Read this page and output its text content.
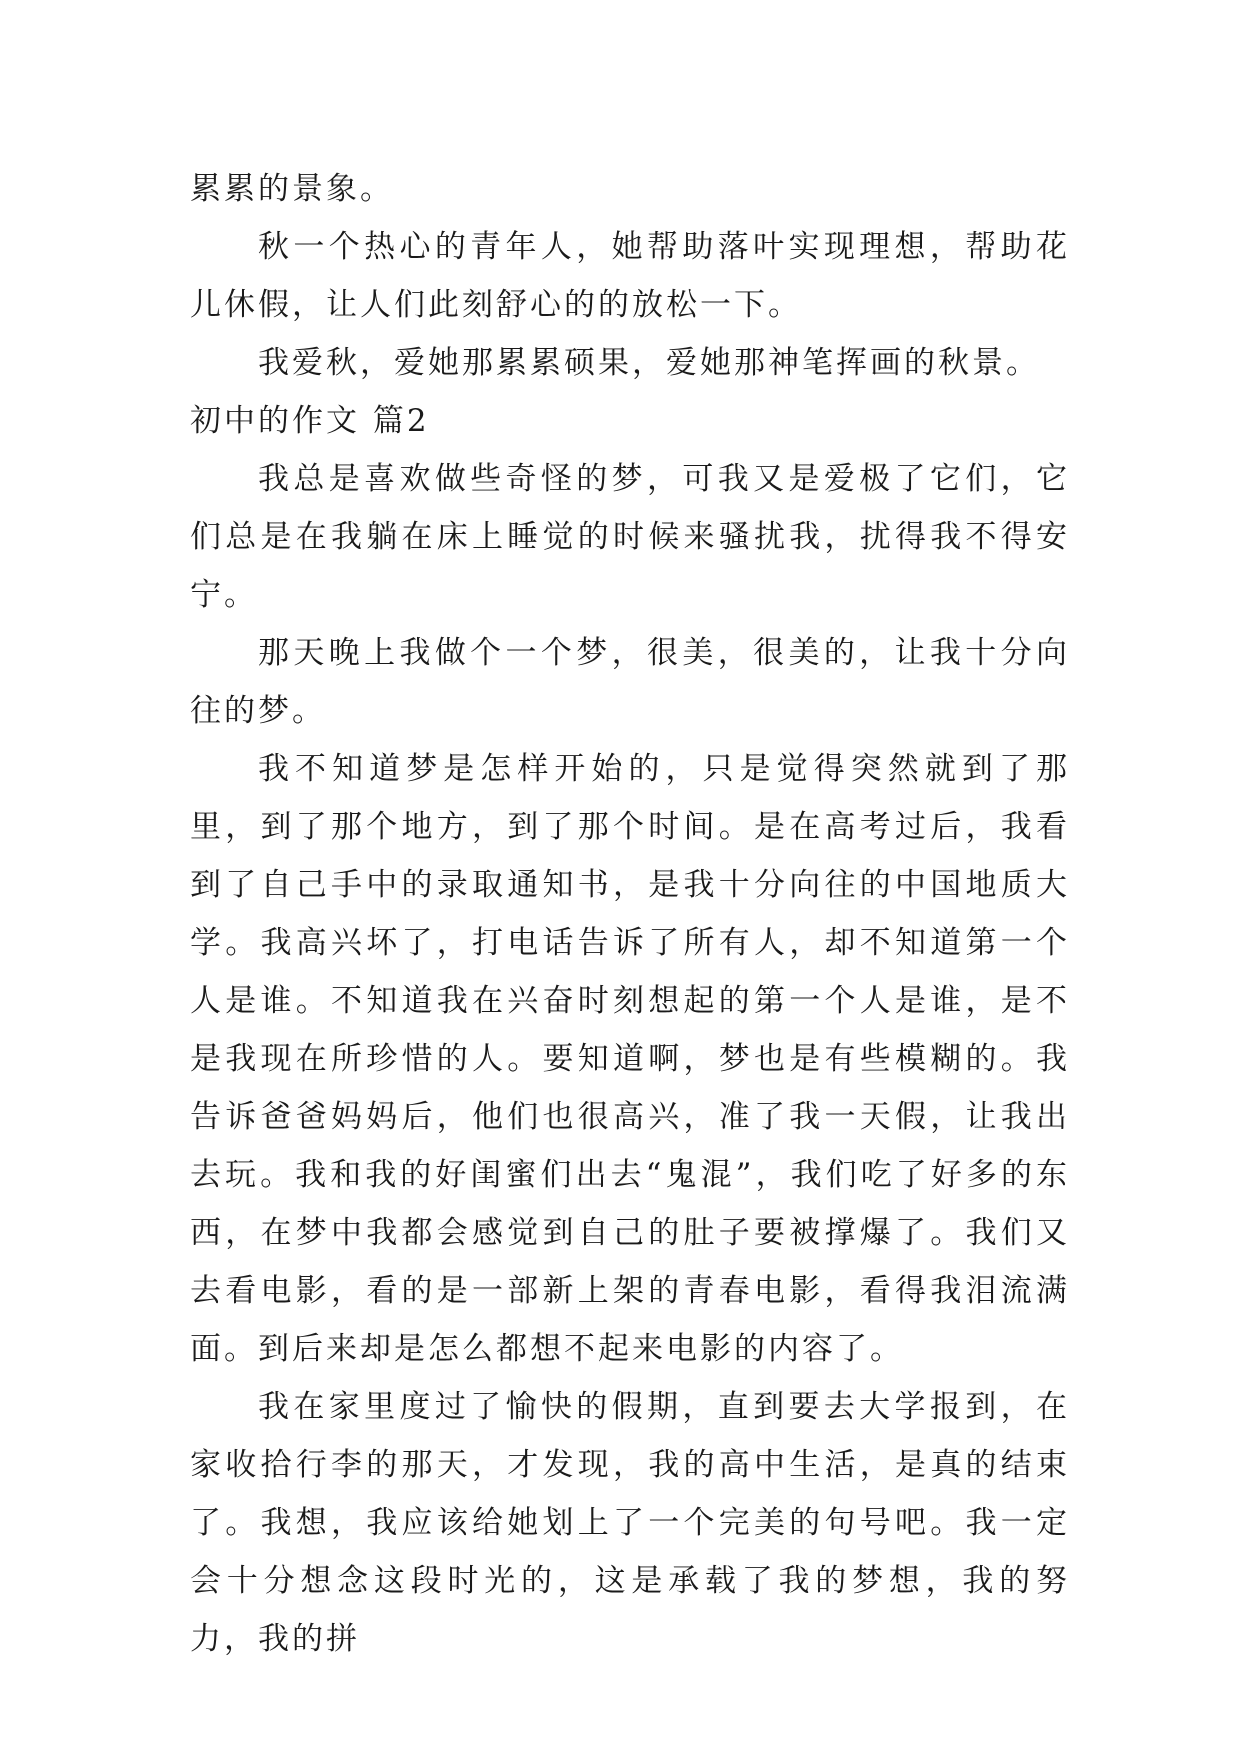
累累的景象。

秋一个热心的青年人，她帮助落叶实现理想，帮助花儿休假，让人们此刻舒心的的放松一下。

我爱秋，爱她那累累硕果，爱她那神笔挥画的秋景。

初中的作文 篇2

我总是喜欢做些奇怪的梦，可我又是爱极了它们，它们总是在我躺在床上睡觉的时候来骚扰我，扰得我不得安宁。

那天晚上我做个一个梦，很美，很美的，让我十分向往的梦。

我不知道梦是怎样开始的，只是觉得突然就到了那里，到了那个地方，到了那个时间。是在高考过后，我看到了自己手中的录取通知书，是我十分向往的中国地质大学。我高兴坏了，打电话告诉了所有人，却不知道第一个人是谁。不知道我在兴奋时刻想起的第一个人是谁，是不是我现在所珍惜的人。要知道啊，梦也是有些模糊的。我告诉爸爸妈妈后，他们也很高兴，准了我一天假，让我出去玩。我和我的好闺蜜们出去“鬼混”，我们吃了好多的东西，在梦中我都会感觉到自己的肚子要被撑爆了。我们又去看电影，看的是一部新上架的青春电影，看得我泪流满面。到后来却是怎么都想不起来电影的内容了。

我在家里度过了愉快的假期，直到要去大学报到，在家收拾行李的那天，才发现，我的高中生活，是真的结束了。我想，我应该给她划上了一个完美的句号吧。我一定会十分想念这段时光的，这是承载了我的梦想，我的努力，我的拼
